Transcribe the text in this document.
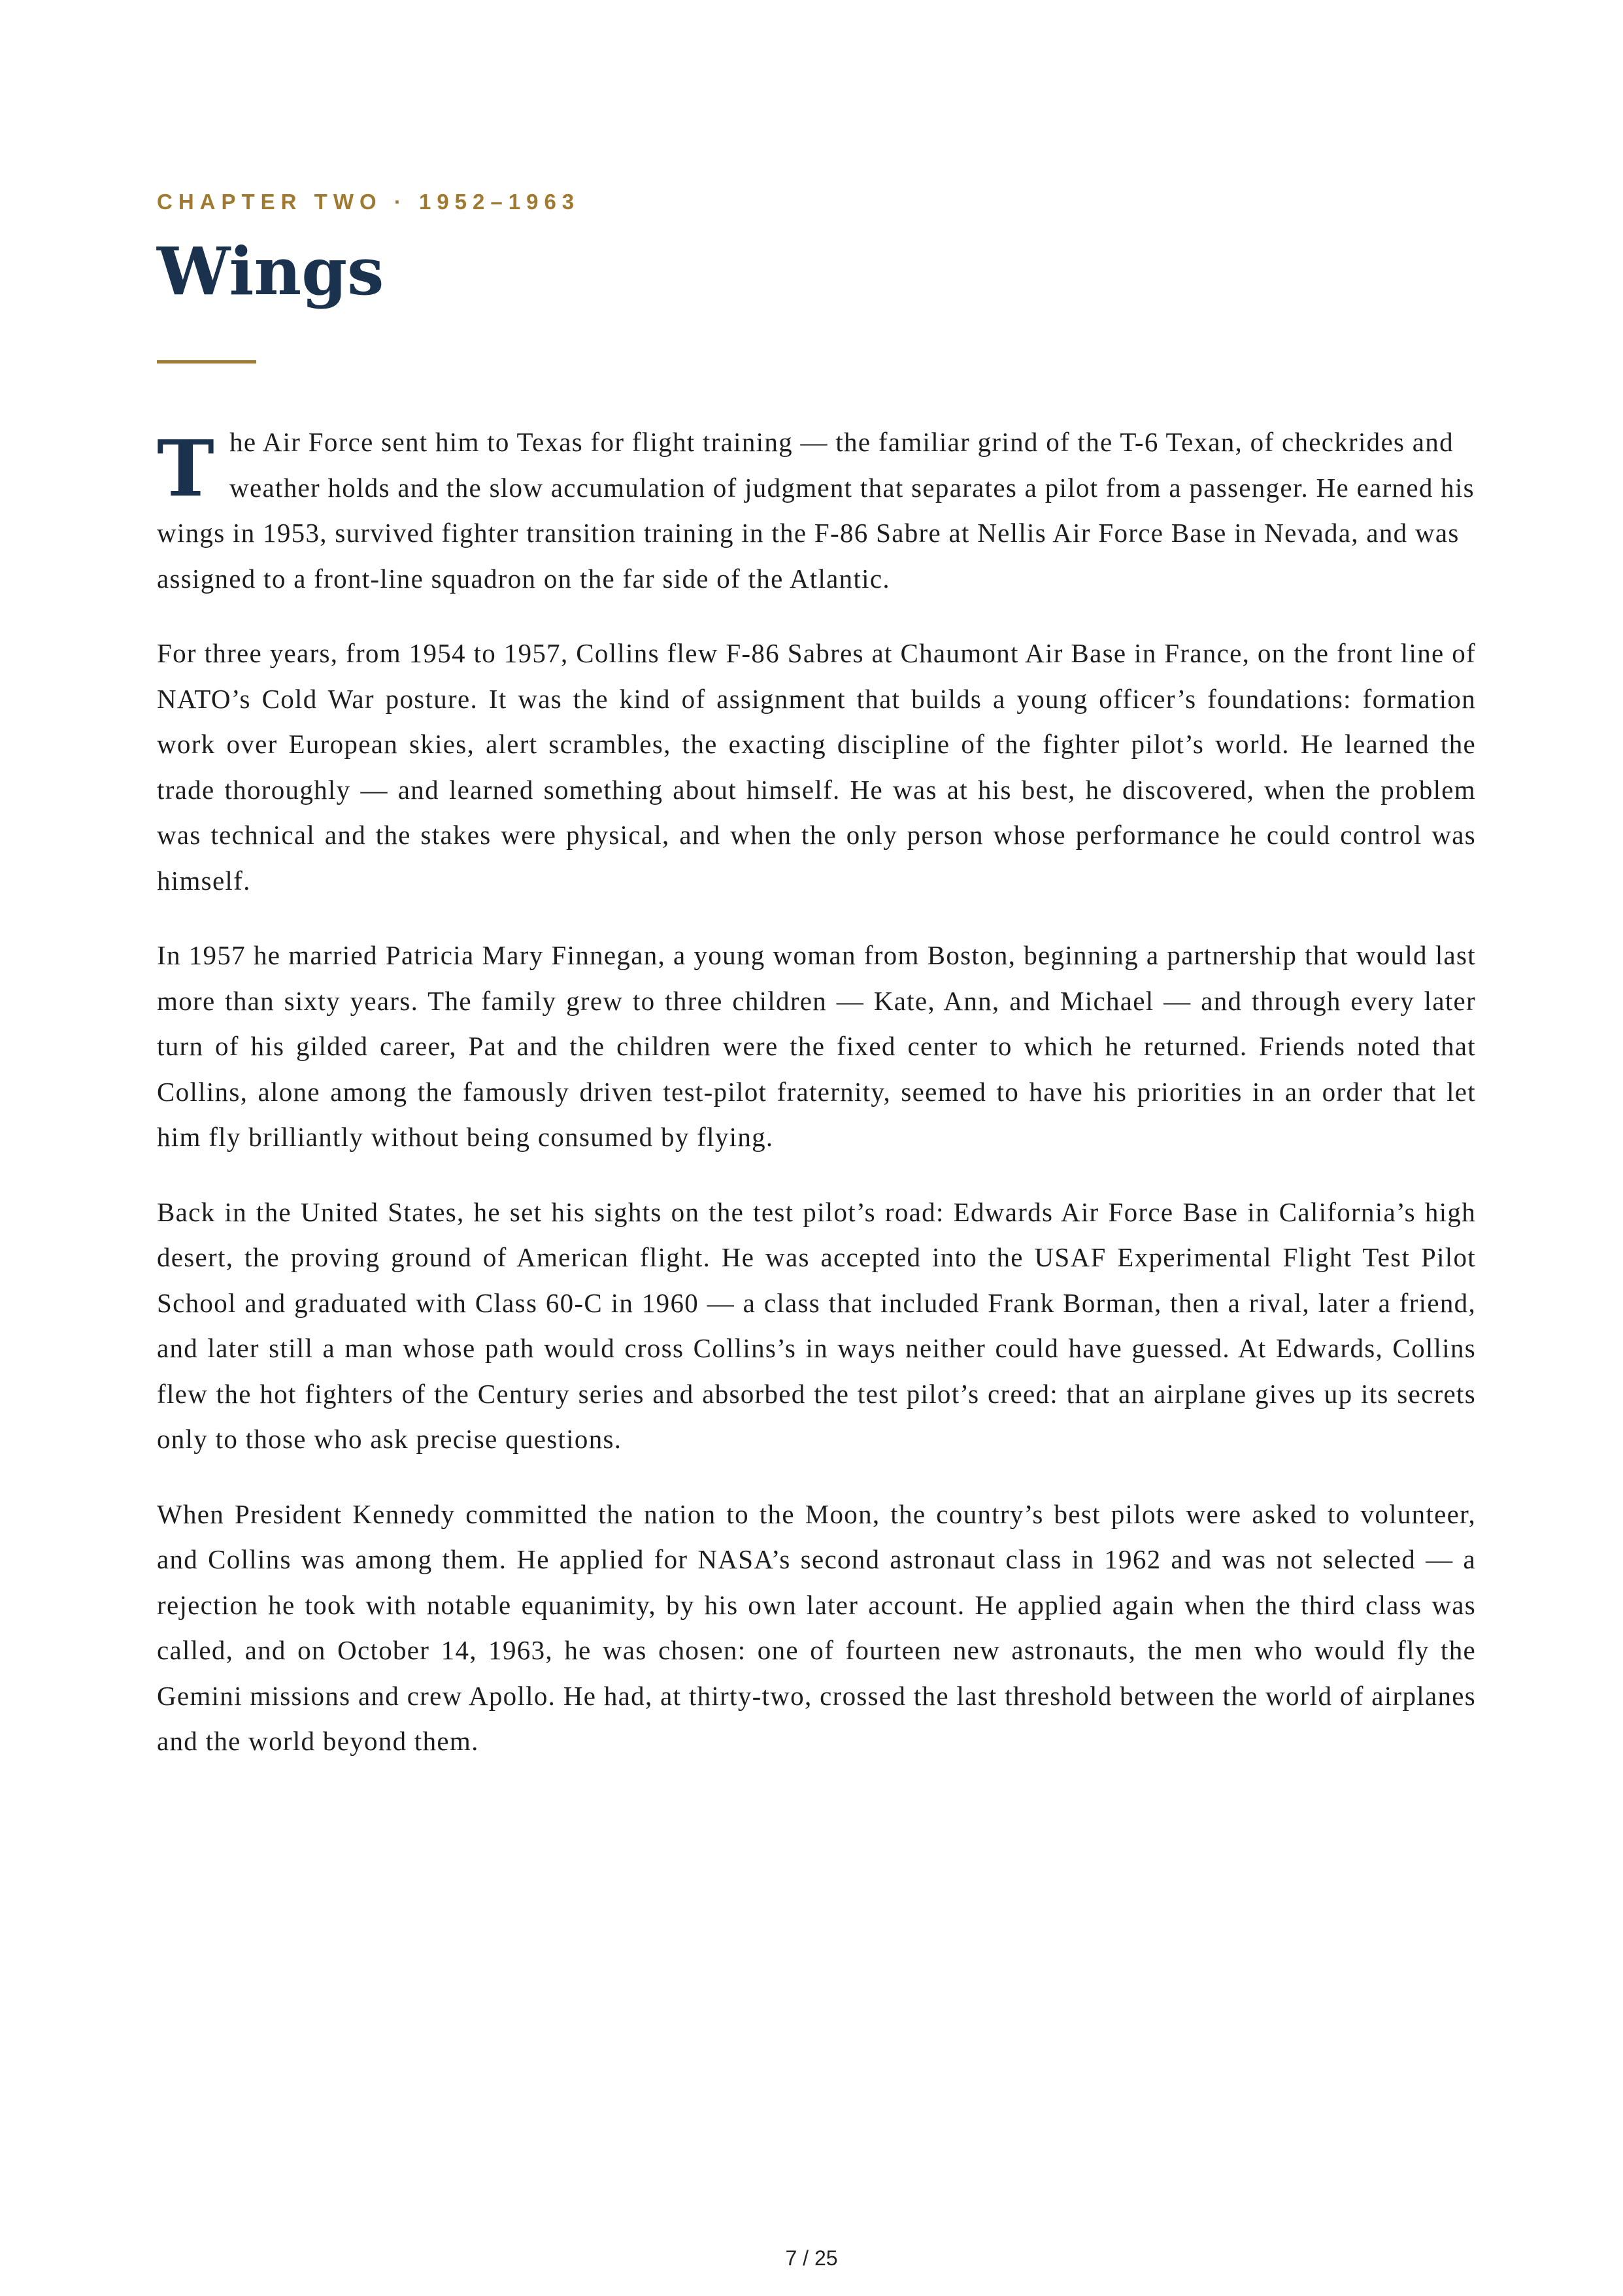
CHAPTER TWO · 1952–1963
Wings

T he Air Force sent him to Texas for flight training — the familiar grind of the T-6 Texan, of checkrides and weather holds and the slow accumulation of judgment that separates a pilot from a passenger. He earned his wings in 1953, survived fighter transition training in the F-86 Sabre at Nellis Air Force Base in Nevada, and was assigned to a front-line squadron on the far side of the Atlantic.

For three years, from 1954 to 1957, Collins flew F-86 Sabres at Chaumont Air Base in France, on the front line of NATO’s Cold War posture. It was the kind of assignment that builds a young officer’s foundations: formation work over European skies, alert scrambles, the exacting discipline of the fighter pilot’s world. He learned the trade thoroughly — and learned something about himself. He was at his best, he discovered, when the problem was technical and the stakes were physical, and when the only person whose performance he could control was himself.

In 1957 he married Patricia Mary Finnegan, a young woman from Boston, beginning a partnership that would last more than sixty years. The family grew to three children — Kate, Ann, and Michael — and through every later turn of his gilded career, Pat and the children were the fixed center to which he returned. Friends noted that Collins, alone among the famously driven test-pilot fraternity, seemed to have his priorities in an order that let him fly brilliantly without being consumed by flying.

Back in the United States, he set his sights on the test pilot’s road: Edwards Air Force Base in California’s high desert, the proving ground of American flight. He was accepted into the USAF Experimental Flight Test Pilot School and graduated with Class 60-C in 1960 — a class that included Frank Borman, then a rival, later a friend, and later still a man whose path would cross Collins’s in ways neither could have guessed. At Edwards, Collins flew the hot fighters of the Century series and absorbed the test pilot’s creed: that an airplane gives up its secrets only to those who ask precise questions.

When President Kennedy committed the nation to the Moon, the country’s best pilots were asked to volunteer, and Collins was among them. He applied for NASA’s second astronaut class in 1962 and was not selected — a rejection he took with notable equanimity, by his own later account. He applied again when the third class was called, and on October 14, 1963, he was chosen: one of fourteen new astronauts, the men who would fly the Gemini missions and crew Apollo. He had, at thirty-two, crossed the last threshold between the world of airplanes and the world beyond them.

7 / 25
